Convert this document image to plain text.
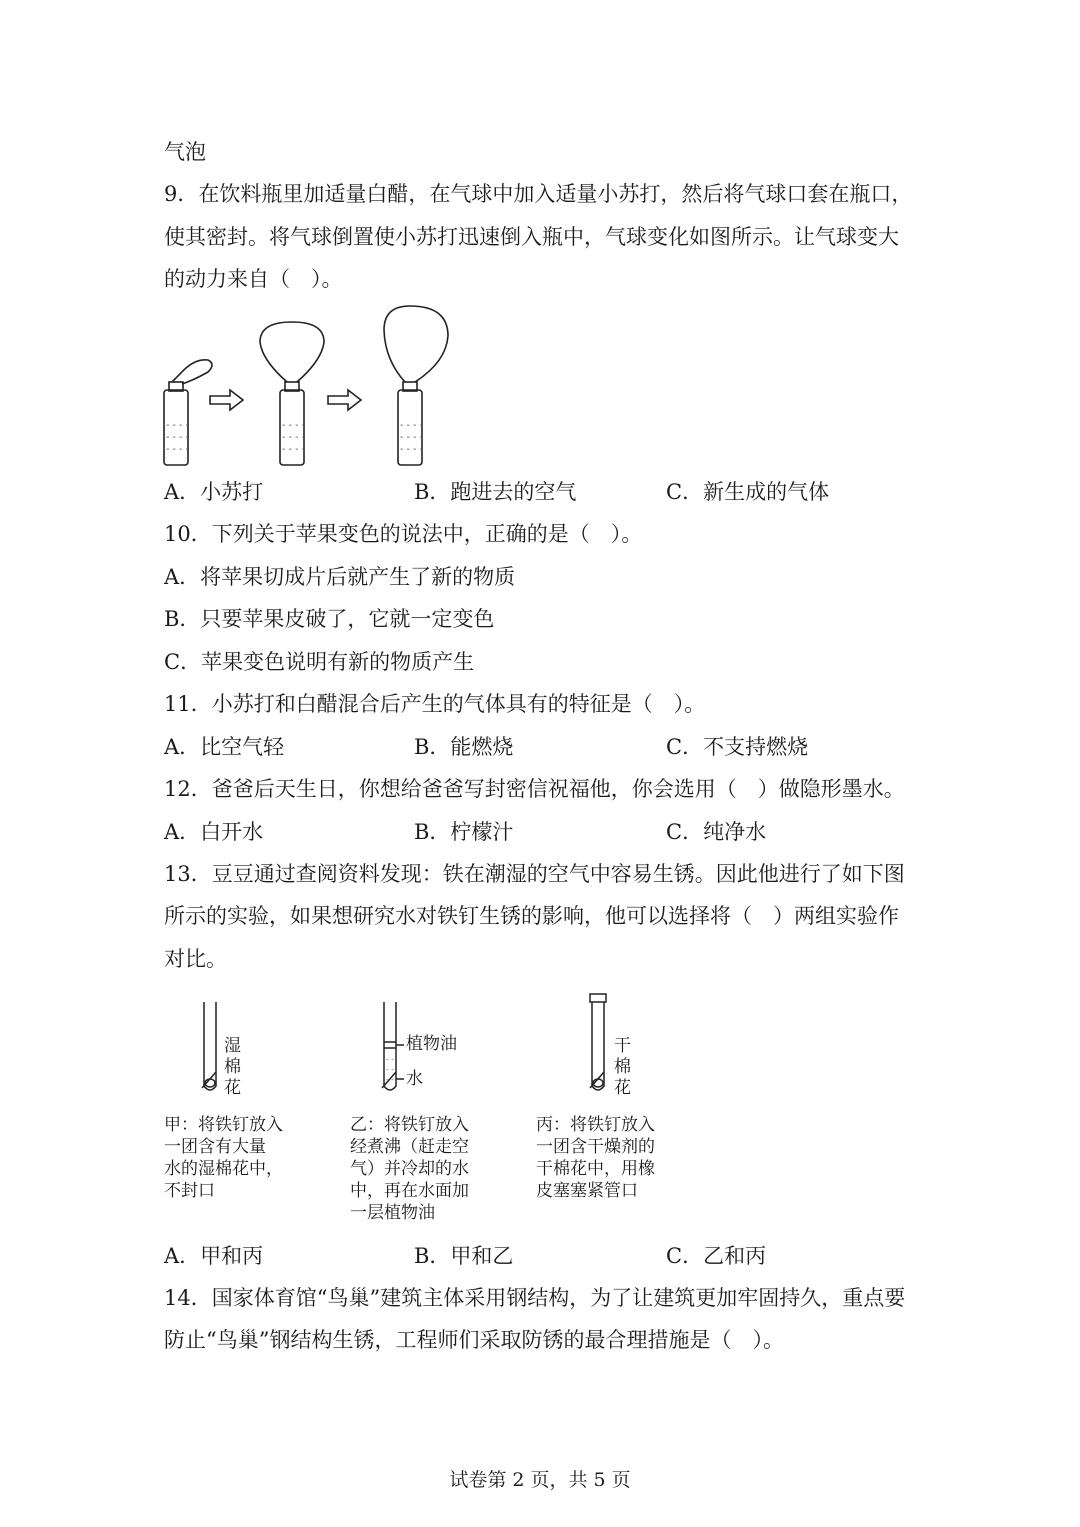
气泡
9．在饮料瓶里加适量白醋，在气球中加入适量小苏打，然后将气球口套在瓶口，
使其密封。将气球倒置使小苏打迅速倒入瓶中，气球变化如图所示。让气球变大
的动力来自（　）。
- - - -
- - - -
- - - -
- - - -
- - - -
- - - -
- - - -
- - - -
- - - -
A．小苏打	B．跑进去的空气	C．新生成的气体
10．下列关于苹果变色的说法中，正确的是（　）。
A．将苹果切成片后就产生了新的物质
B．只要苹果皮破了，它就一定变色
C．苹果变色说明有新的物质产生
11．小苏打和白醋混合后产生的气体具有的特征是（　）。
A．比空气轻	B．能燃烧	C．不支持燃烧
12．爸爸后天生日，你想给爸爸写封密信祝福他，你会选用（　）做隐形墨水。
A．白开水	B．柠檬汁	C．纯净水
13．豆豆通过查阅资料发现：铁在潮湿的空气中容易生锈。因此他进行了如下图
所示的实验，如果想研究水对铁钉生锈的影响，他可以选择将（　）两组实验作
对比。
- -
- -
- -
湿棉花
植物油
水
干棉花
甲：将铁钉放入
一团含有大量
水的湿棉花中，
不封口
乙：将铁钉放入
经煮沸（赶走空
气）并冷却的水
中，再在水面加
一层植物油
丙：将铁钉放入
一团含干燥剂的
干棉花中，用橡
皮塞塞紧管口
A．甲和丙	B．甲和乙	C．乙和丙
14．国家体育馆“鸟巢”建筑主体采用钢结构，为了让建筑更加牢固持久，重点要
防止“鸟巢”钢结构生锈，工程师们采取防锈的最合理措施是（　）。
试卷第 2 页，共 5 页
